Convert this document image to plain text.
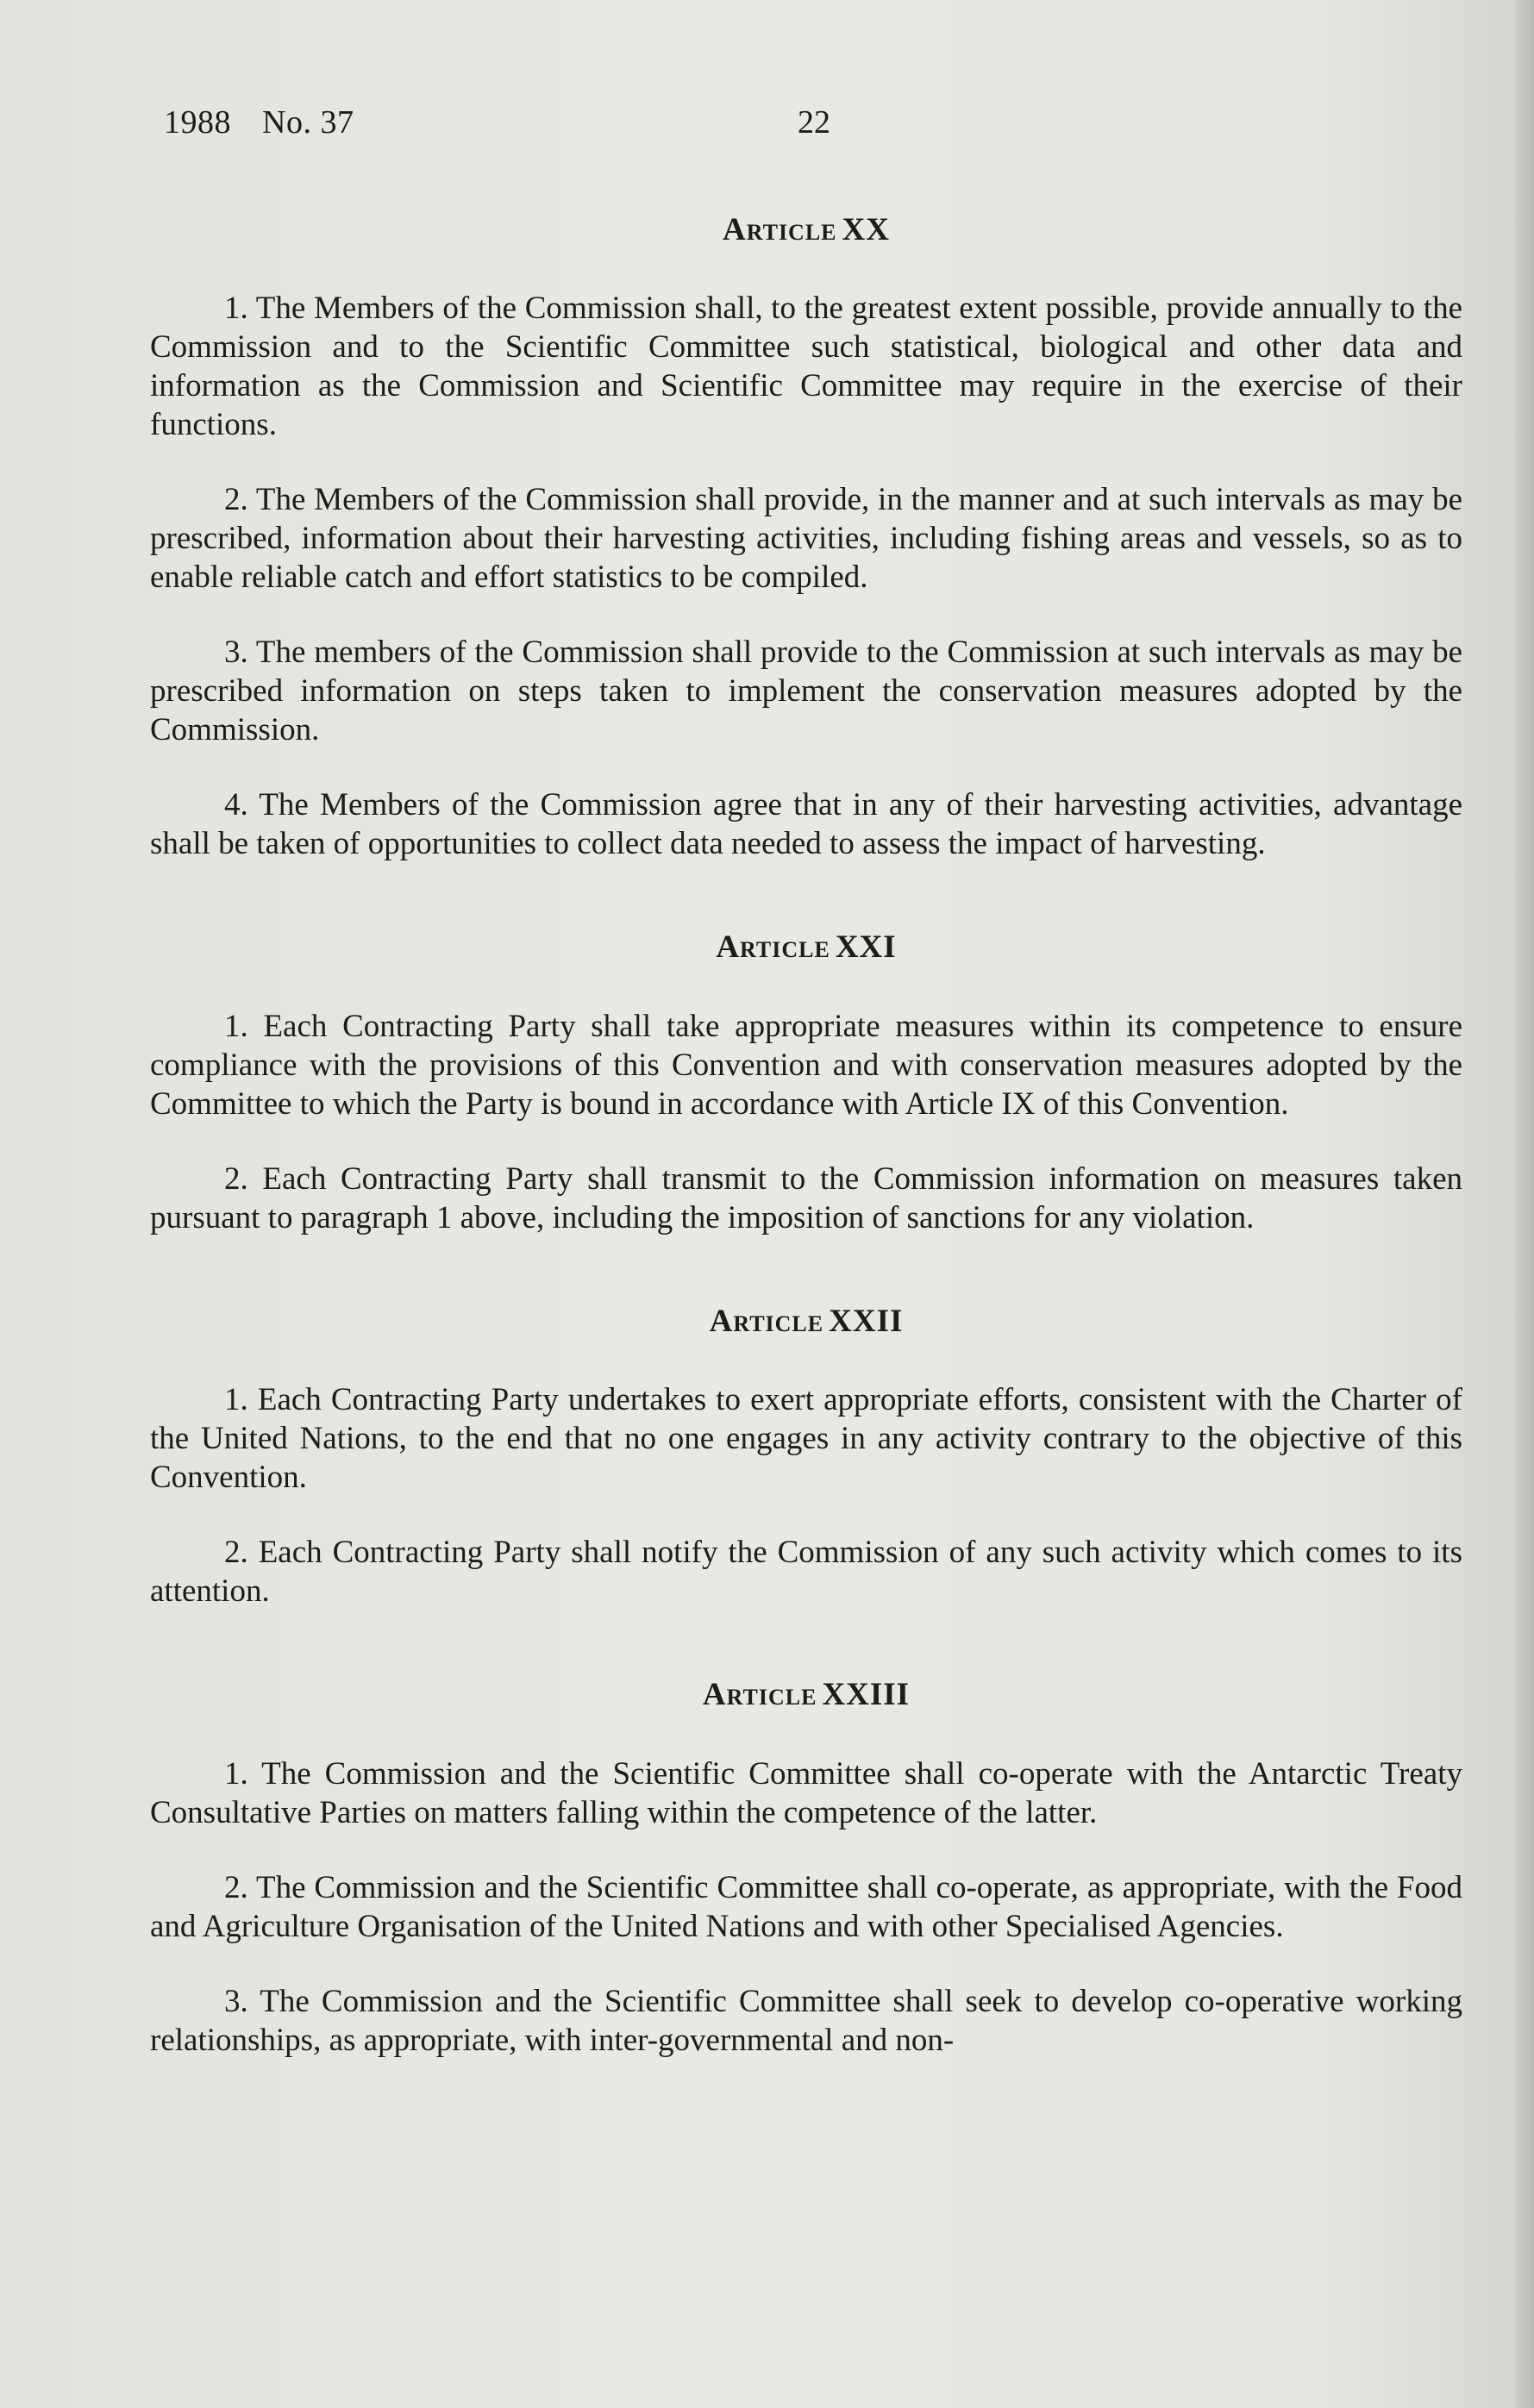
1988 No. 37	22
Article XX

1. The Members of the Commission shall, to the greatest extent possible, provide annually to the Commission and to the Scientific Committee such statistical, biological and other data and information as the Commission and Scientific Committee may require in the exercise of their functions.

2. The Members of the Commission shall provide, in the manner and at such intervals as may be prescribed, information about their harvesting activities, including fishing areas and vessels, so as to enable reliable catch and effort statistics to be compiled.

3. The members of the Commission shall provide to the Commission at such intervals as may be prescribed information on steps taken to implement the conservation measures adopted by the Commission.

4. The Members of the Commission agree that in any of their harvesting activities, advantage shall be taken of opportunities to collect data needed to assess the impact of harvesting.

Article XXI

1. Each Contracting Party shall take appropriate measures within its competence to ensure compliance with the provisions of this Convention and with conservation measures adopted by the Committee to which the Party is bound in accordance with Article IX of this Convention.

2. Each Contracting Party shall transmit to the Commission information on measures taken pursuant to paragraph 1 above, including the imposition of sanctions for any violation.

Article XXII

1. Each Contracting Party undertakes to exert appropriate efforts, consistent with the Charter of the United Nations, to the end that no one engages in any activity contrary to the objective of this Convention.

2. Each Contracting Party shall notify the Commission of any such activity which comes to its attention.

Article XXIII

1. The Commission and the Scientific Committee shall co-operate with the Antarctic Treaty Consultative Parties on matters falling within the competence of the latter.

2. The Commission and the Scientific Committee shall co-operate, as appropriate, with the Food and Agriculture Organisation of the United Nations and with other Specialised Agencies.

3. The Commission and the Scientific Committee shall seek to develop co-operative working relationships, as appropriate, with inter-governmental and non-
